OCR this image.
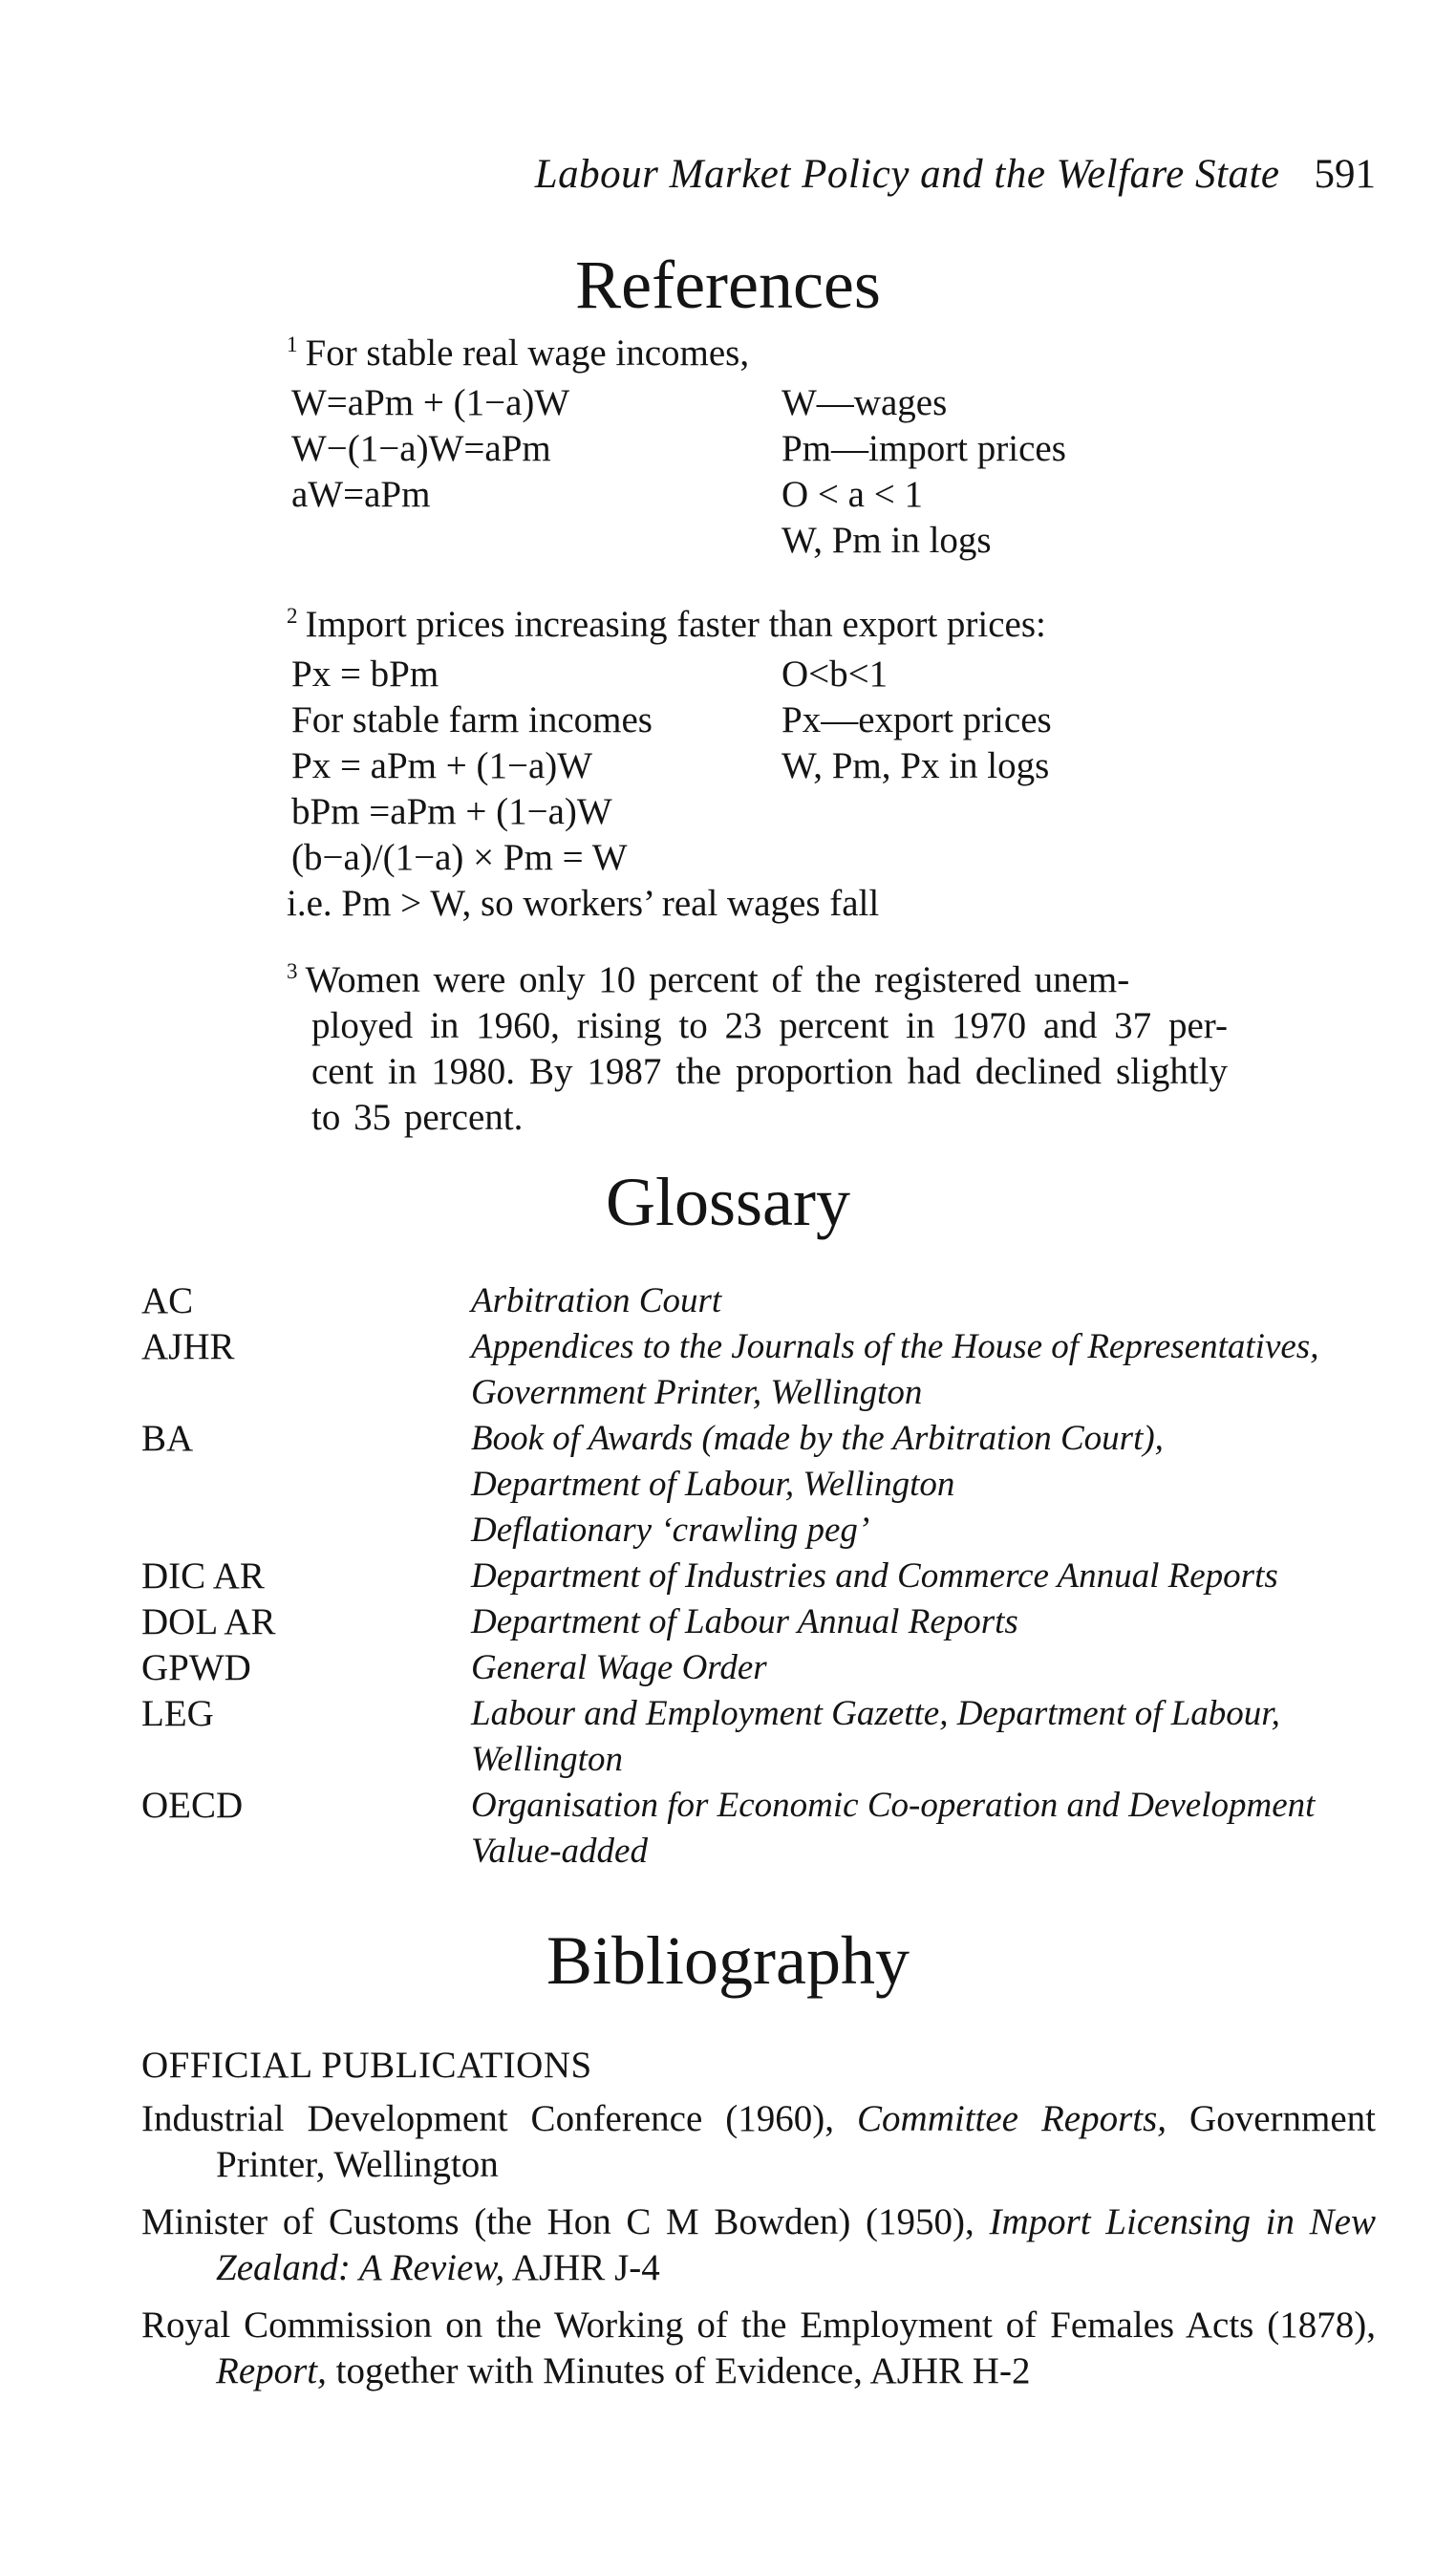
Labour Market Policy and the Welfare State 591
References
$^1$ For stable real wage incomes,
W=aPm + (1−a)W
W−(1−a)W=aPm
aW=aPm
W—wages
Pm—import prices
O < a < 1
W, Pm in logs
$^2$ Import prices increasing faster than export prices:
Px = bPm
For stable farm incomes
Px = aPm + (1−a)W
bPm =aPm + (1−a)W
(b−a)/(1−a) × Pm = W
i.e. Pm > W, so workers’ real wages fall
O<b<1
Px—export prices
W, Pm, Px in logs
$^3$ Women were only 10 percent of the registered unem-
ployed in 1960, rising to 23 percent in 1970 and 37 per- cent in 1980. By 1987 the proportion had declined slightly to 35 percent.
Glossary
AC
AJHR
BA
DIC AR
DOL AR
GPWD
LEG
OECD
Arbitration Court
Appendices to the Journals of the House of Representatives,
Government Printer, Wellington
Book of Awards (made by the Arbitration Court),
Department of Labour, Wellington
Deflationary ‘crawling peg’
Department of Industries and Commerce Annual Reports
Department of Labour Annual Reports
General Wage Order
Labour and Employment Gazette, Department of Labour,
Wellington
Organisation for Economic Co-operation and Development
Value-added
Bibliography
OFFICIAL PUBLICATIONS
Industrial Development Conference (1960), Committee Reports, Government Printer, Wellington
Minister of Customs (the Hon C M Bowden) (1950), Import Licensing in New Zealand: A Review, AJHR J-4
Royal Commission on the Working of the Employment of Females Acts (1878), Report, together with Minutes of Evidence, AJHR H-2
